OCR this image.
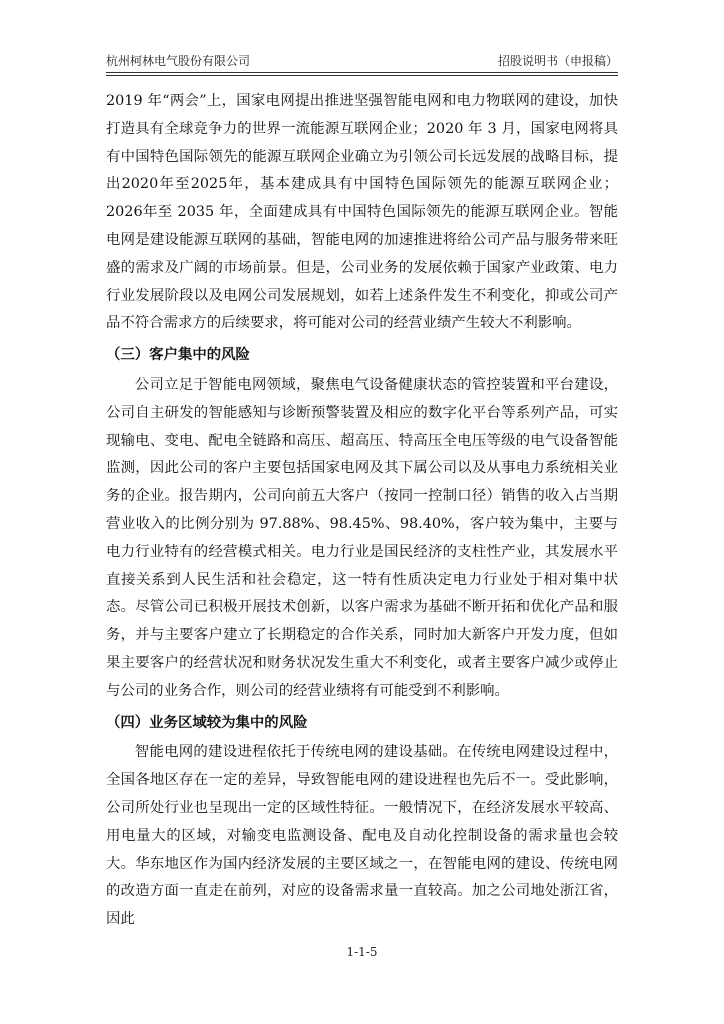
杭州柯林电气股份有限公司	招股说明书（申报稿）

2019 年“两会”上，国家电网提出推进坚强智能电网和电力物联网的建设，加快打造具有全球竞争力的世界一流能源互联网企业；2020 年 3 月，国家电网将具有中国特色国际领先的能源互联网企业确立为引领公司长远发展的战略目标，提出2020年至2025年，基本建成具有中国特色国际领先的能源互联网企业；2026年至 2035 年，全面建成具有中国特色国际领先的能源互联网企业。智能电网是建设能源互联网的基础，智能电网的加速推进将给公司产品与服务带来旺盛的需求及广阔的市场前景。但是，公司业务的发展依赖于国家产业政策、电力行业发展阶段以及电网公司发展规划，如若上述条件发生不利变化，抑或公司产品不符合需求方的后续要求，将可能对公司的经营业绩产生较大不利影响。

（三）客户集中的风险

公司立足于智能电网领域，聚焦电气设备健康状态的管控装置和平台建设，公司自主研发的智能感知与诊断预警装置及相应的数字化平台等系列产品，可实现输电、变电、配电全链路和高压、超高压、特高压全电压等级的电气设备智能监测，因此公司的客户主要包括国家电网及其下属公司以及从事电力系统相关业务的企业。报告期内，公司向前五大客户（按同一控制口径）销售的收入占当期营业收入的比例分别为 97.88%、98.45%、98.40%，客户较为集中，主要与电力行业特有的经营模式相关。电力行业是国民经济的支柱性产业，其发展水平直接关系到人民生活和社会稳定，这一特有性质决定电力行业处于相对集中状态。尽管公司已积极开展技术创新，以客户需求为基础不断开拓和优化产品和服务，并与主要客户建立了长期稳定的合作关系，同时加大新客户开发力度，但如果主要客户的经营状况和财务状况发生重大不利变化，或者主要客户减少或停止与公司的业务合作，则公司的经营业绩将有可能受到不利影响。

（四）业务区域较为集中的风险

智能电网的建设进程依托于传统电网的建设基础。在传统电网建设过程中，全国各地区存在一定的差异，导致智能电网的建设进程也先后不一。受此影响，公司所处行业也呈现出一定的区域性特征。一般情况下，在经济发展水平较高、用电量大的区域，对输变电监测设备、配电及自动化控制设备的需求量也会较大。华东地区作为国内经济发展的主要区域之一，在智能电网的建设、传统电网的改造方面一直走在前列，对应的设备需求量一直较高。加之公司地处浙江省，因此

1-1-5
